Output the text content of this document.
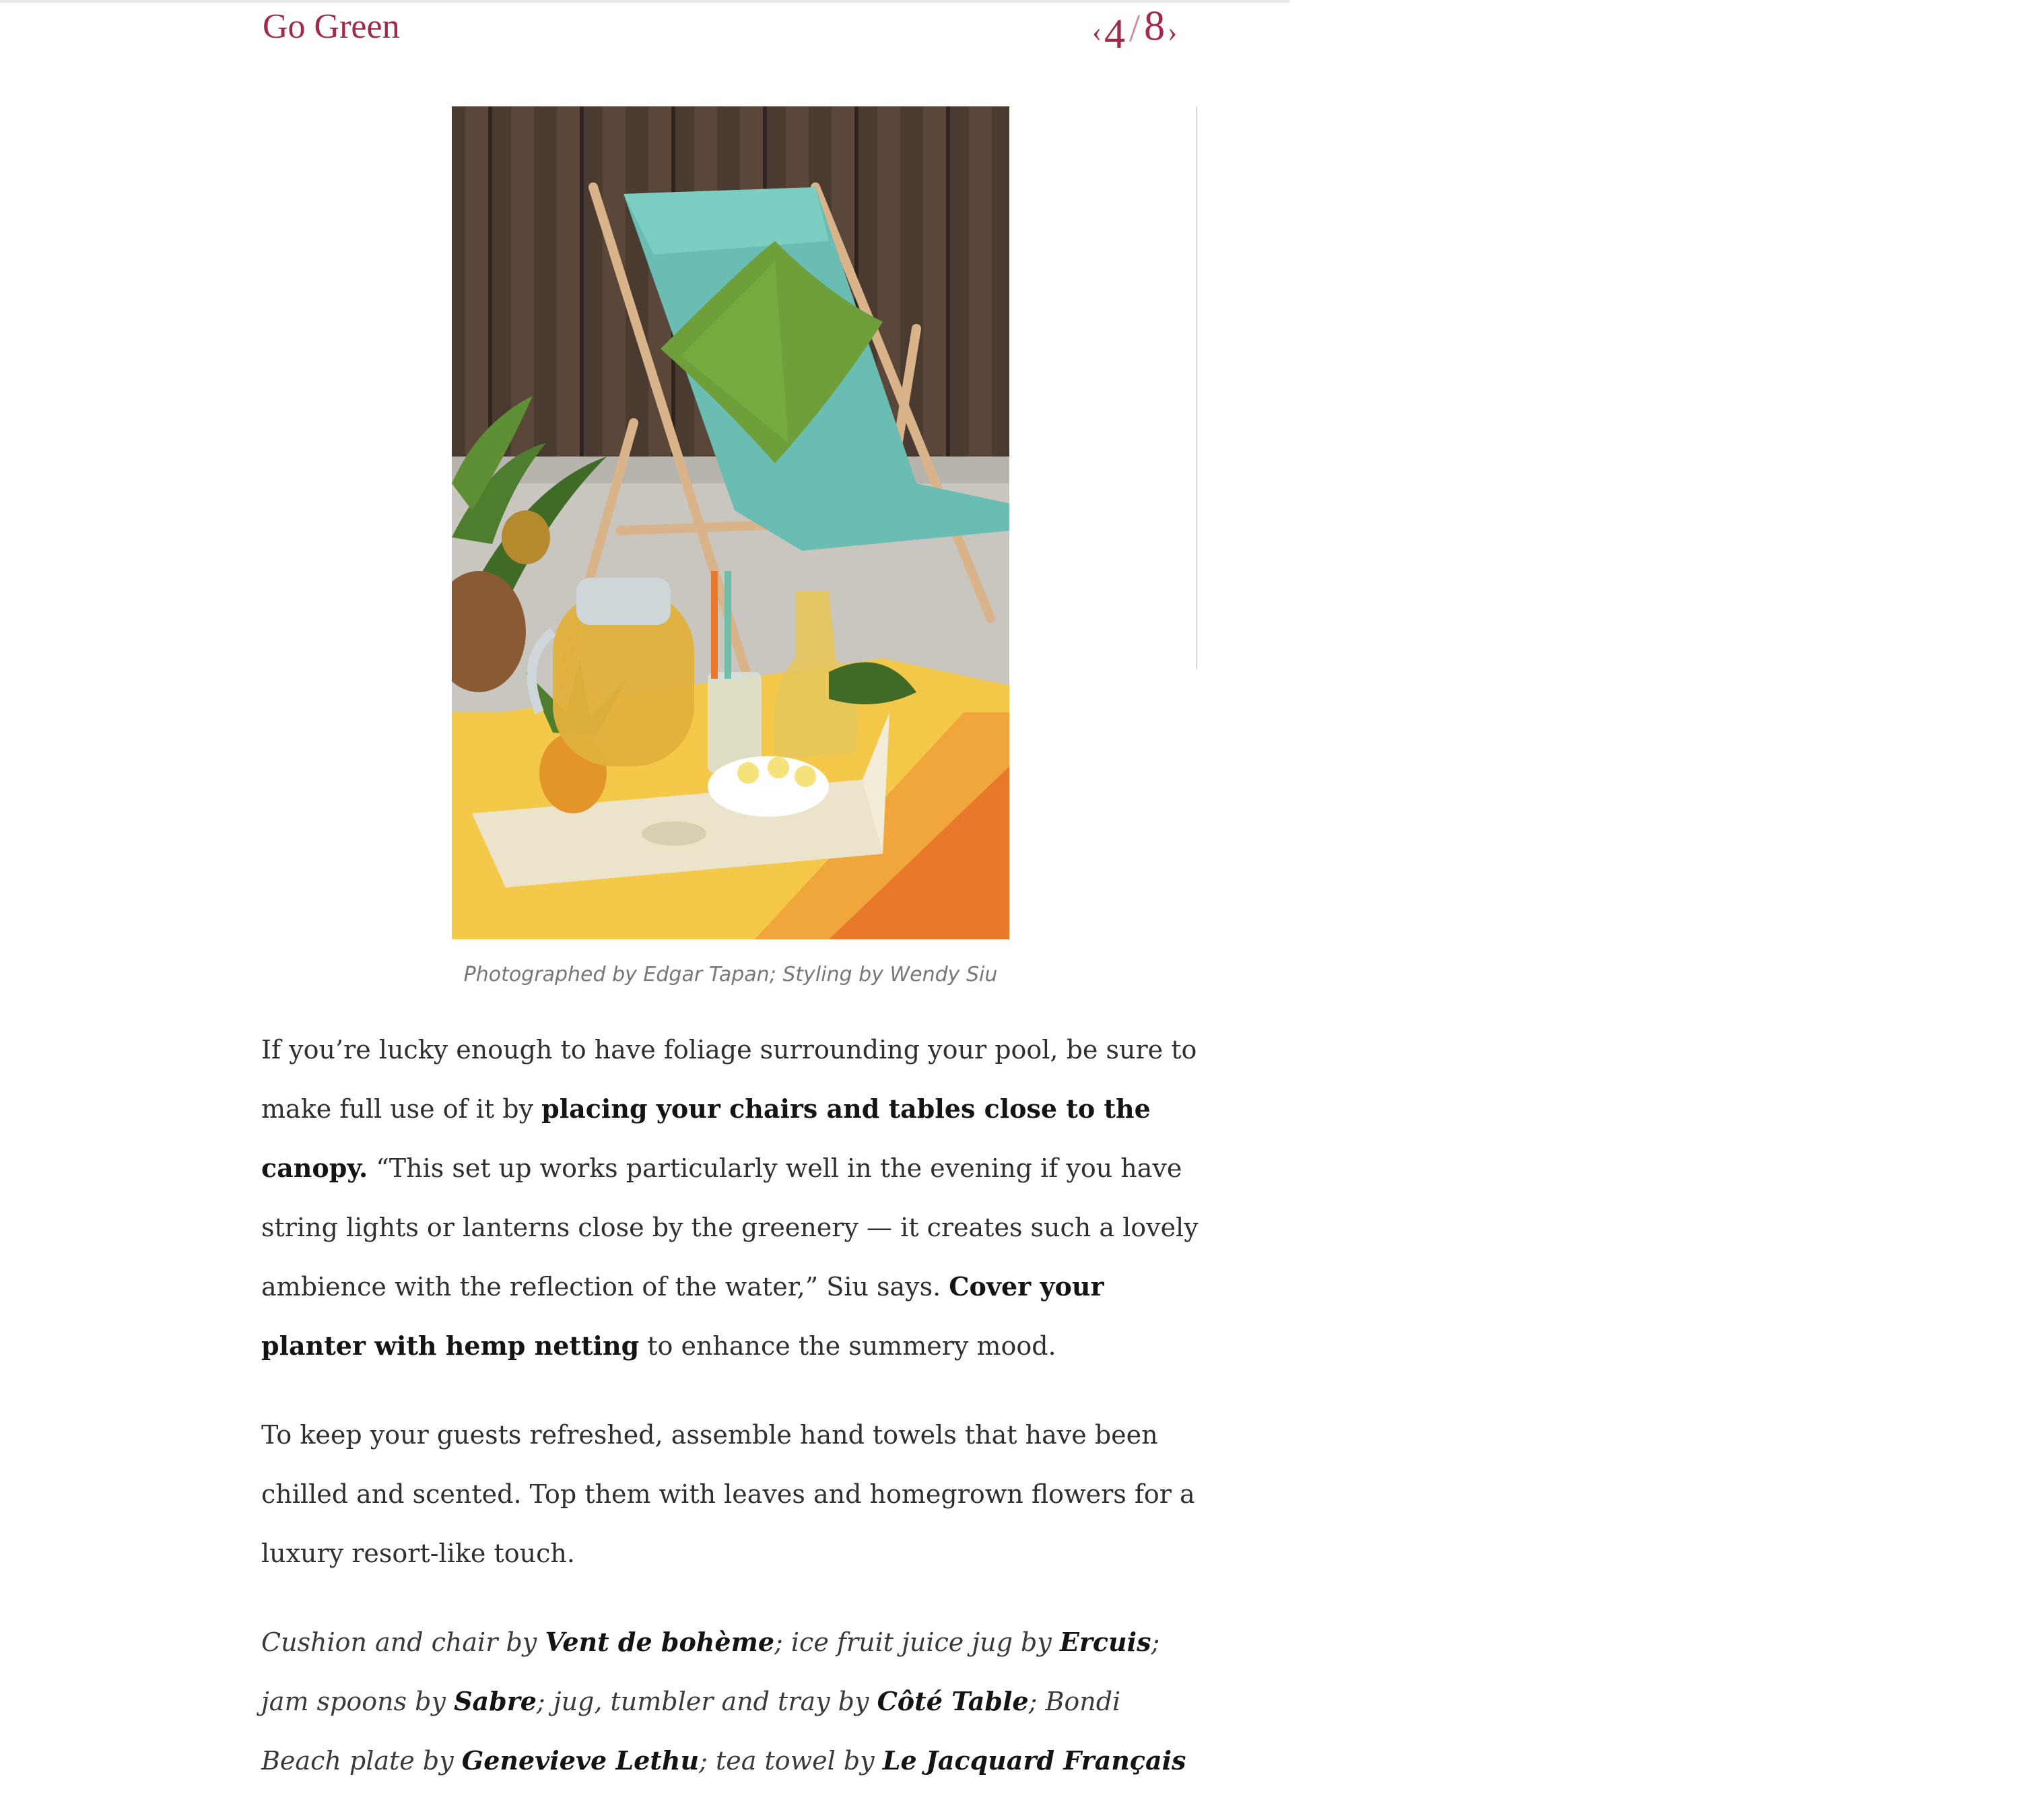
Go Green	‹ 4 / 8 ›
Photographed by Edgar Tapan; Styling by Wendy Siu

If you’re lucky enough to have foliage surrounding your pool, be sure to make full use of it by placing your chairs and tables close to the canopy. “This set up works particularly well in the evening if you have string lights or lanterns close by the greenery — it creates such a lovely ambience with the reflection of the water,” Siu says. Cover your planter with hemp netting to enhance the summery mood.

To keep your guests refreshed, assemble hand towels that have been chilled and scented. Top them with leaves and homegrown flowers for a luxury resort-like touch.

Cushion and chair by Vent de bohème; ice fruit juice jug by Ercuis; jam spoons by Sabre; jug, tumbler and tray by Côté Table; Bondi Beach plate by Genevieve Lethu; tea towel by Le Jacquard Français
